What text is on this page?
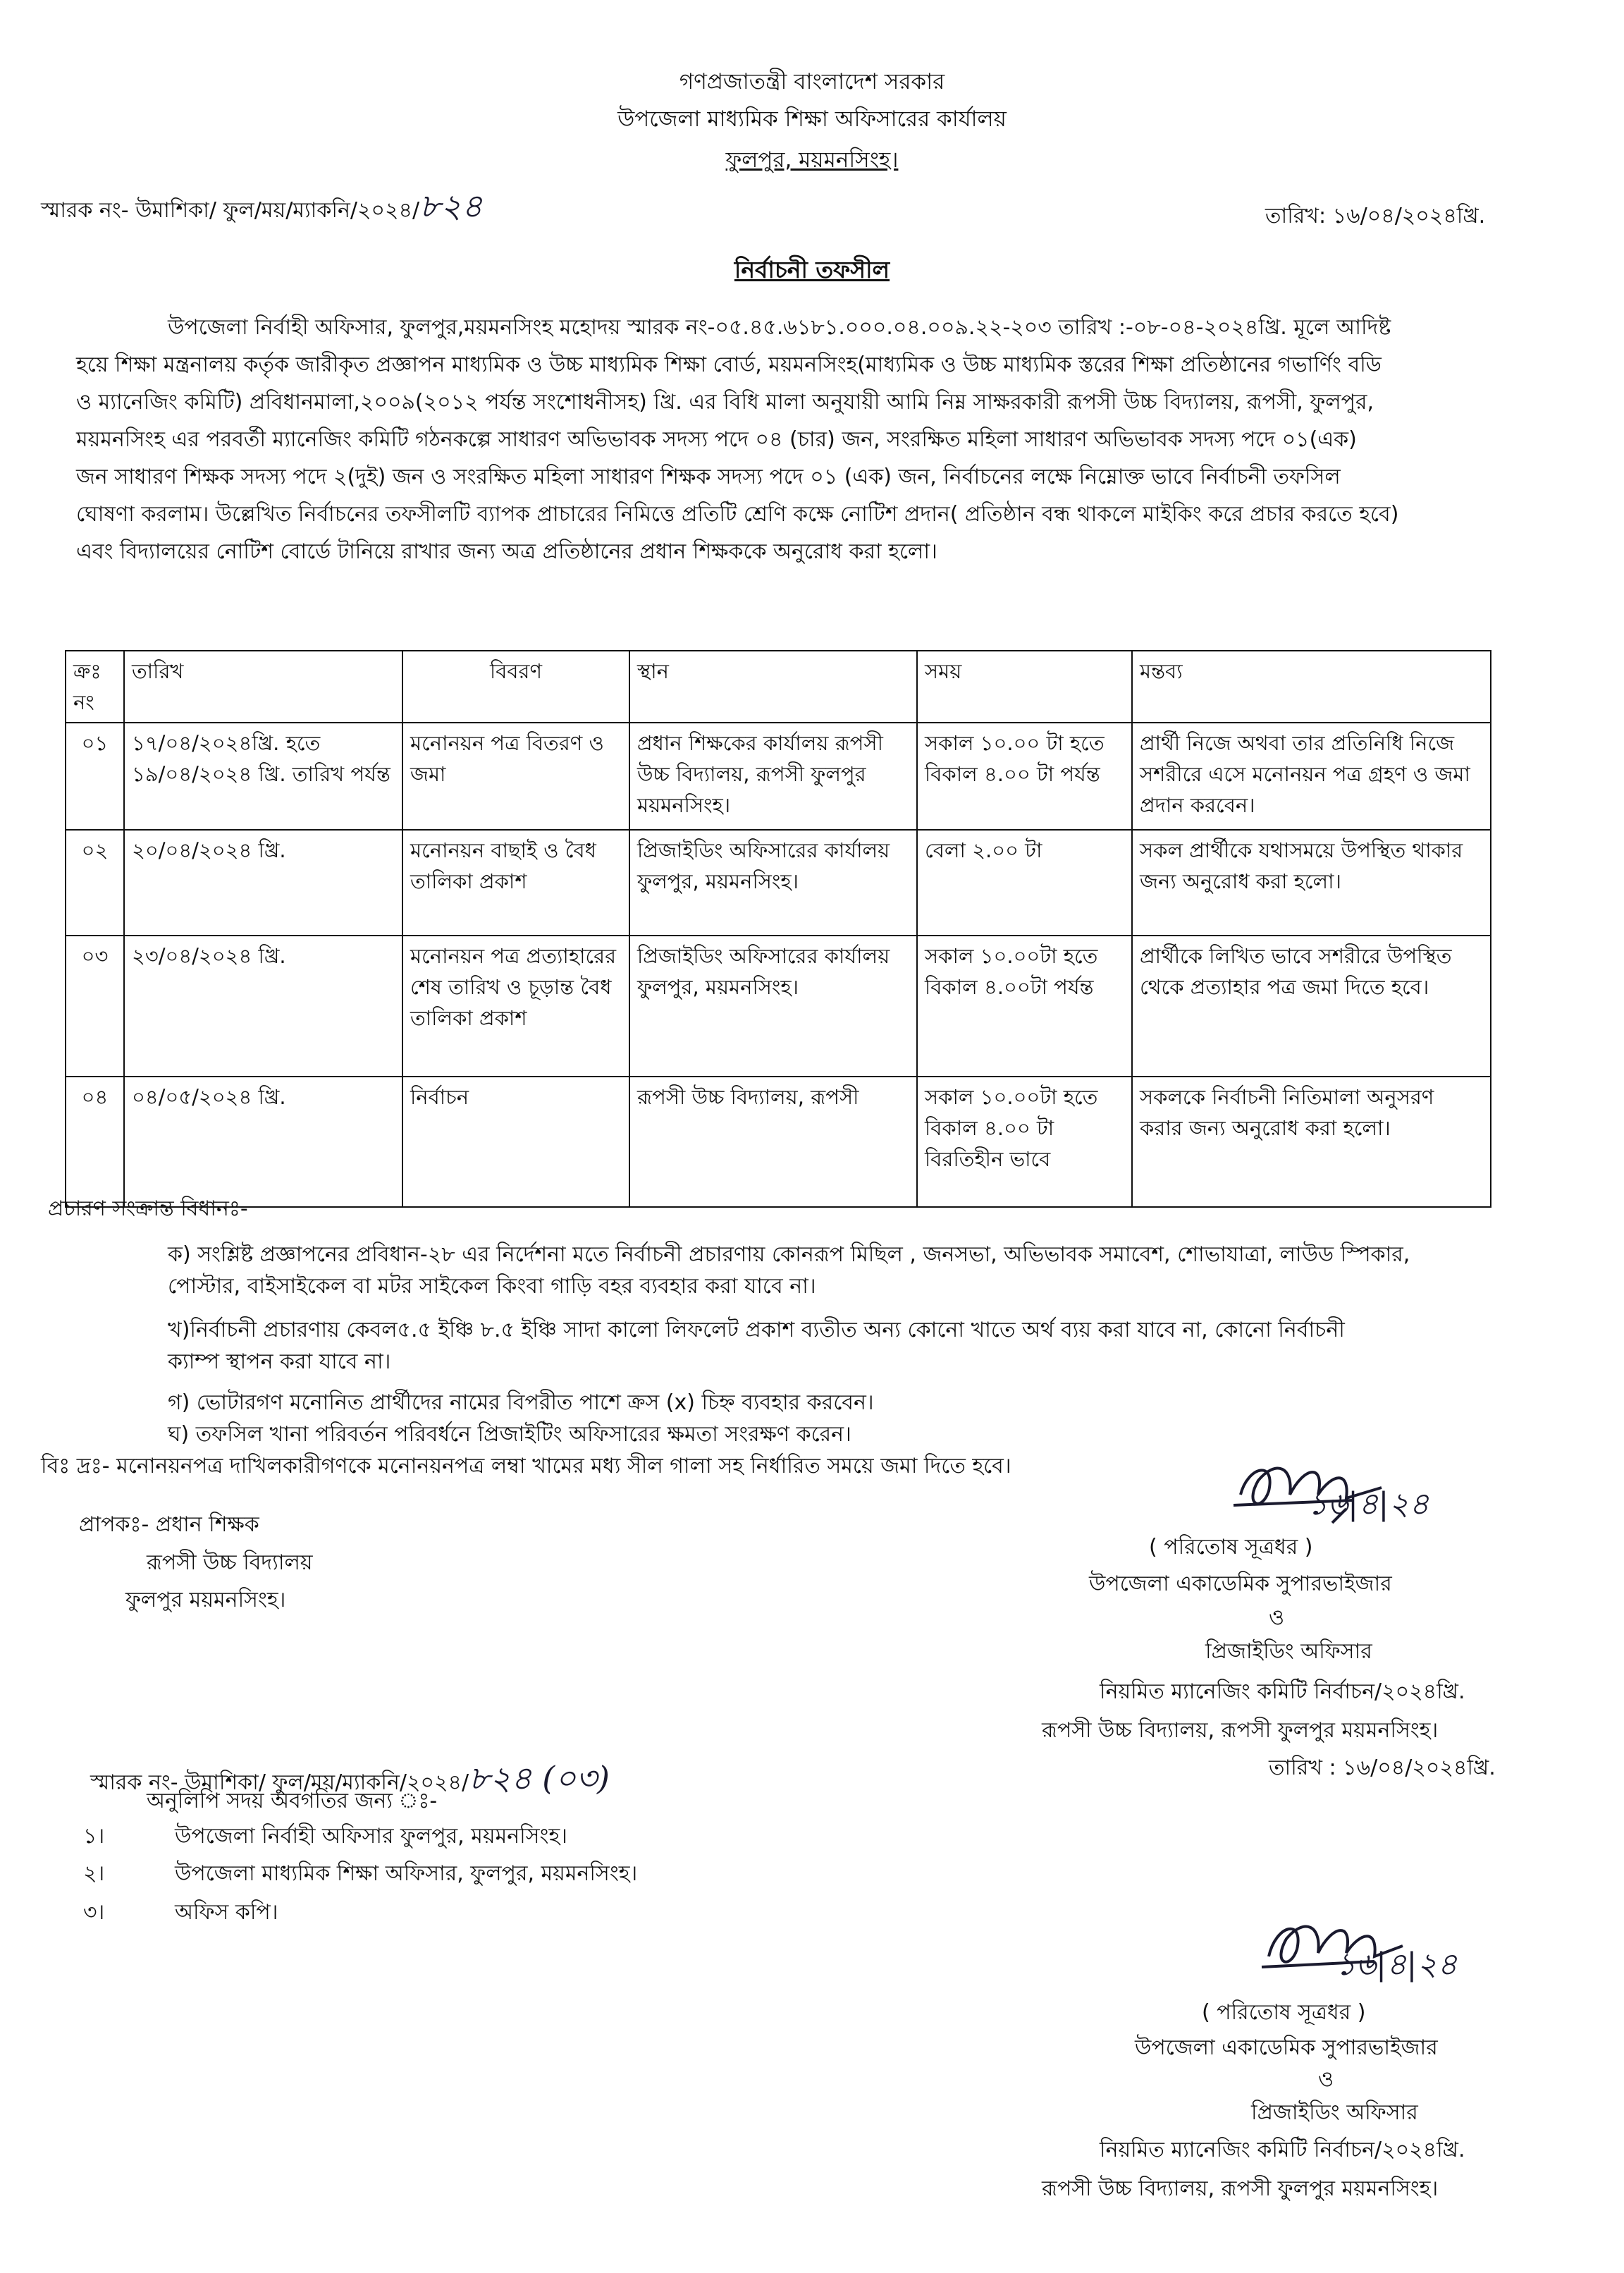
গণপ্রজাতন্ত্রী বাংলাদেশ সরকার
উপজেলা মাধ্যমিক শিক্ষা অফিসারের কার্যালয়
ফুলপুর, ময়মনসিংহ।
স্মারক নং- উমাশিকা/ ফুল/ময়/ম্যাকনি/২০২৪/৮২৪	তারিখ: ১৬/০৪/২০২৪খ্রি.
নির্বাচনী তফসীল

উপজেলা নির্বাহী অফিসার, ফুলপুর,ময়মনসিংহ মহোদয় স্মারক নং-০৫.৪৫.৬১৮১.০০০.০৪.০০৯.২২-২০৩ তারিখ :-০৮-০৪-২০২৪খ্রি. মূলে আদিষ্ট

হয়ে শিক্ষা মন্ত্রনালয় কর্তৃক জারীকৃত প্রজ্ঞাপন মাধ্যমিক ও উচ্চ মাধ্যমিক শিক্ষা বোর্ড, ময়মনসিংহ(মাধ্যমিক ও উচ্চ মাধ্যমিক স্তরের শিক্ষা প্রতিষ্ঠানের গভার্ণিং বডি

ও ম্যানেজিং কমিটি) প্রবিধানমালা,২০০৯(২০১২ পর্যন্ত সংশোধনীসহ) খ্রি. এর বিধি মালা অনুযায়ী আমি নিম্ন সাক্ষরকারী রূপসী উচ্চ বিদ্যালয়, রূপসী, ফুলপুর,

ময়মনসিংহ এর পরবর্তী ম্যানেজিং কমিটি গঠনকল্পে সাধারণ অভিভাবক সদস্য পদে ০৪ (চার) জন, সংরক্ষিত মহিলা সাধারণ অভিভাবক সদস্য পদে ০১(এক)

জন সাধারণ শিক্ষক সদস্য পদে ২(দুই) জন ও সংরক্ষিত মহিলা সাধারণ শিক্ষক সদস্য পদে ০১ (এক) জন, নির্বাচনের লক্ষে নিম্নোক্ত ভাবে নির্বাচনী তফসিল

ঘোষণা করলাম। উল্লেখিত নির্বাচনের তফসীলটি ব্যাপক প্রাচারের নিমিত্তে প্রতিটি শ্রেণি কক্ষে নোটিশ প্রদান( প্রতিষ্ঠান বন্ধ থাকলে মাইকিং করে প্রচার করতে হবে)

এবং বিদ্যালয়ের নোটিশ বোর্ডে টানিয়ে রাখার জন্য অত্র প্রতিষ্ঠানের প্রধান শিক্ষককে অনুরোধ করা হলো।

ক্রঃ নং	তারিখ	বিবরণ	স্থান	সময়	মন্তব্য
০১	১৭/০৪/২০২৪খ্রি. হতে ১৯/০৪/২০২৪ খ্রি. তারিখ পর্যন্ত	মনোনয়ন পত্র বিতরণ ও জমা	প্রধান শিক্ষকের কার্যালয় রূপসী উচ্চ বিদ্যালয়, রূপসী ফুলপুর ময়মনসিংহ।	সকাল ১০.০০ টা হতে বিকাল ৪.০০ টা পর্যন্ত	প্রার্থী নিজে অথবা তার প্রতিনিধি নিজে সশরীরে এসে মনোনয়ন পত্র গ্রহণ ও জমা প্রদান করবেন।
০২	২০/০৪/২০২৪ খ্রি.	মনোনয়ন বাছাই ও বৈধ তালিকা প্রকাশ	প্রিজাইডিং অফিসারের কার্যালয় ফুলপুর, ময়মনসিংহ।	বেলা ২.০০ টা	সকল প্রার্থীকে যথাসময়ে উপস্থিত থাকার জন্য অনুরোধ করা হলো।
০৩	২৩/০৪/২০২৪ খ্রি.	মনোনয়ন পত্র প্রত্যাহারের শেষ তারিখ ও চূড়ান্ত বৈধ তালিকা প্রকাশ	প্রিজাইডিং অফিসারের কার্যালয় ফুলপুর, ময়মনসিংহ।	সকাল ১০.০০টা হতে বিকাল ৪.০০টা পর্যন্ত	প্রার্থীকে লিখিত ভাবে সশরীরে উপস্থিত থেকে প্রত্যাহার পত্র জমা দিতে হবে।
০৪	০৪/০৫/২০২৪ খ্রি.	নির্বাচন	রূপসী উচ্চ বিদ্যালয়, রূপসী	সকাল ১০.০০টা হতে বিকাল ৪.০০ টা বিরতিহীন ভাবে	সকলকে নির্বাচনী নিতিমালা অনুসরণ করার জন্য অনুরোধ করা হলো।
প্রচারণ সংক্রান্ত বিধানঃ-
ক) সংশ্লিষ্ট প্রজ্ঞাপনের প্রবিধান-২৮ এর নির্দেশনা মতে নির্বাচনী প্রচারণায় কোনরূপ মিছিল , জনসভা, অভিভাবক সমাবেশ, শোভাযাত্রা, লাউড স্পিকার,
পোস্টার, বাইসাইকেল বা মটর সাইকেল কিংবা গাড়ি বহর ব্যবহার করা যাবে না।
খ)নির্বাচনী প্রচারণায় কেবল৫.৫ ইঞ্চি ৮.৫ ইঞ্চি সাদা কালো লিফলেট প্রকাশ ব্যতীত অন্য কোনো খাতে অর্থ ব্যয় করা যাবে না, কোনো নির্বাচনী
ক্যাম্প স্থাপন করা যাবে না।
গ) ভোটারগণ মনোনিত প্রার্থীদের নামের বিপরীত পাশে ক্রস (x) চিহ্ন ব্যবহার করবেন।
ঘ) তফসিল খানা পরিবর্তন পরিবর্ধনে প্রিজাইটিং অফিসারের ক্ষমতা সংরক্ষণ করেন।
বিঃ দ্রঃ- মনোনয়নপত্র দাখিলকারীগণকে মনোনয়নপত্র লম্বা খামের মধ্য সীল গালা সহ নির্ধারিত সময়ে জমা দিতে হবে।
প্রাপকঃ- প্রধান শিক্ষক
রূপসী উচ্চ বিদ্যালয়
ফুলপুর ময়মনসিংহ।
১৬|৪|২৪
( পরিতোষ সূত্রধর )
উপজেলা একাডেমিক সুপারভাইজার
ও
প্রিজাইডিং অফিসার
নিয়মিত ম্যানেজিং কমিটি নির্বাচন/২০২৪খ্রি.
রূপসী উচ্চ বিদ্যালয়, রূপসী ফুলপুর ময়মনসিংহ।
স্মারক নং- উমাশিকা/ ফুল/ময়/ম্যাকনি/২০২৪/৮২৪ (০৩)	তারিখ : ১৬/০৪/২০২৪খ্রি.
অনুলিপি সদয় অবগতির জন্য ঃ-
১।	উপজেলা নির্বাহী অফিসার ফুলপুর, ময়মনসিংহ।
২।	উপজেলা মাধ্যমিক শিক্ষা অফিসার, ফুলপুর, ময়মনসিংহ।
৩।	অফিস কপি।
১৬|৪|২৪
( পরিতোষ সূত্রধর )
উপজেলা একাডেমিক সুপারভাইজার
ও
প্রিজাইডিং অফিসার
নিয়মিত ম্যানেজিং কমিটি নির্বাচন/২০২৪খ্রি.
রূপসী উচ্চ বিদ্যালয়, রূপসী ফুলপুর ময়মনসিংহ।
